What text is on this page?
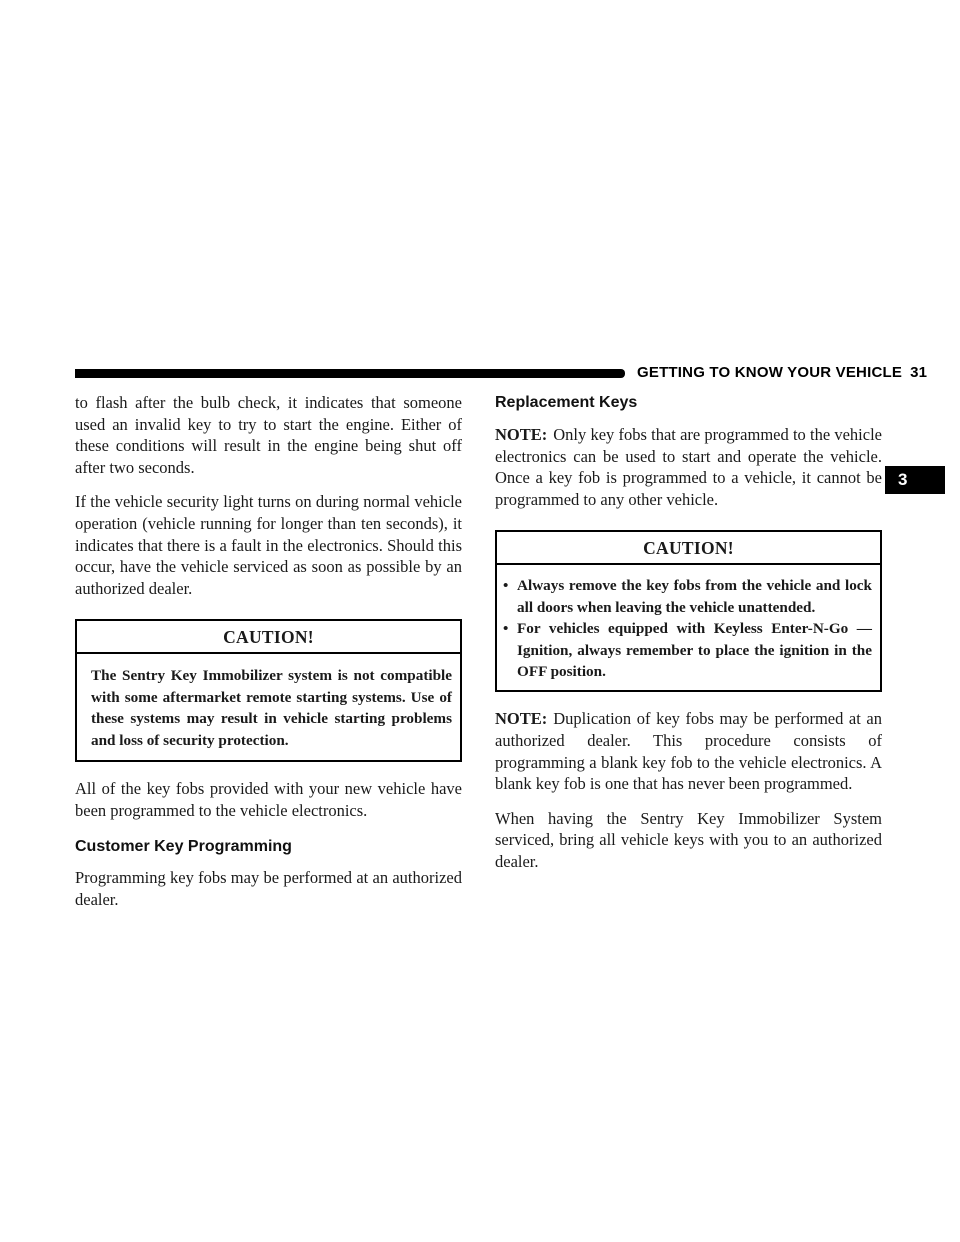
GETTING TO KNOW YOUR VEHICLE 31
3

to flash after the bulb check, it indicates that someone used an invalid key to try to start the engine. Either of these conditions will result in the engine being shut off after two seconds.

If the vehicle security light turns on during normal vehicle operation (vehicle running for longer than ten seconds), it indicates that there is a fault in the electronics. Should this occur, have the vehicle serviced as soon as possible by an authorized dealer.

CAUTION!
The Sentry Key Immobilizer system is not compatible with some aftermarket remote starting systems. Use of these systems may result in vehicle starting problems and loss of security protection.

All of the key fobs provided with your new vehicle have been programmed to the vehicle electronics.

Customer Key Programming

Programming key fobs may be performed at an authorized dealer.

Replacement Keys

NOTE: Only key fobs that are programmed to the vehicle electronics can be used to start and operate the vehicle. Once a key fob is programmed to a vehicle, it cannot be programmed to any other vehicle.

CAUTION!
• Always remove the key fobs from the vehicle and lock all doors when leaving the vehicle unattended.
• For vehicles equipped with Keyless Enter-N-Go — Ignition, always remember to place the ignition in the OFF position.

NOTE: Duplication of key fobs may be performed at an authorized dealer. This procedure consists of programming a blank key fob to the vehicle electronics. A blank key fob is one that has never been programmed.

When having the Sentry Key Immobilizer System serviced, bring all vehicle keys with you to an authorized dealer.
